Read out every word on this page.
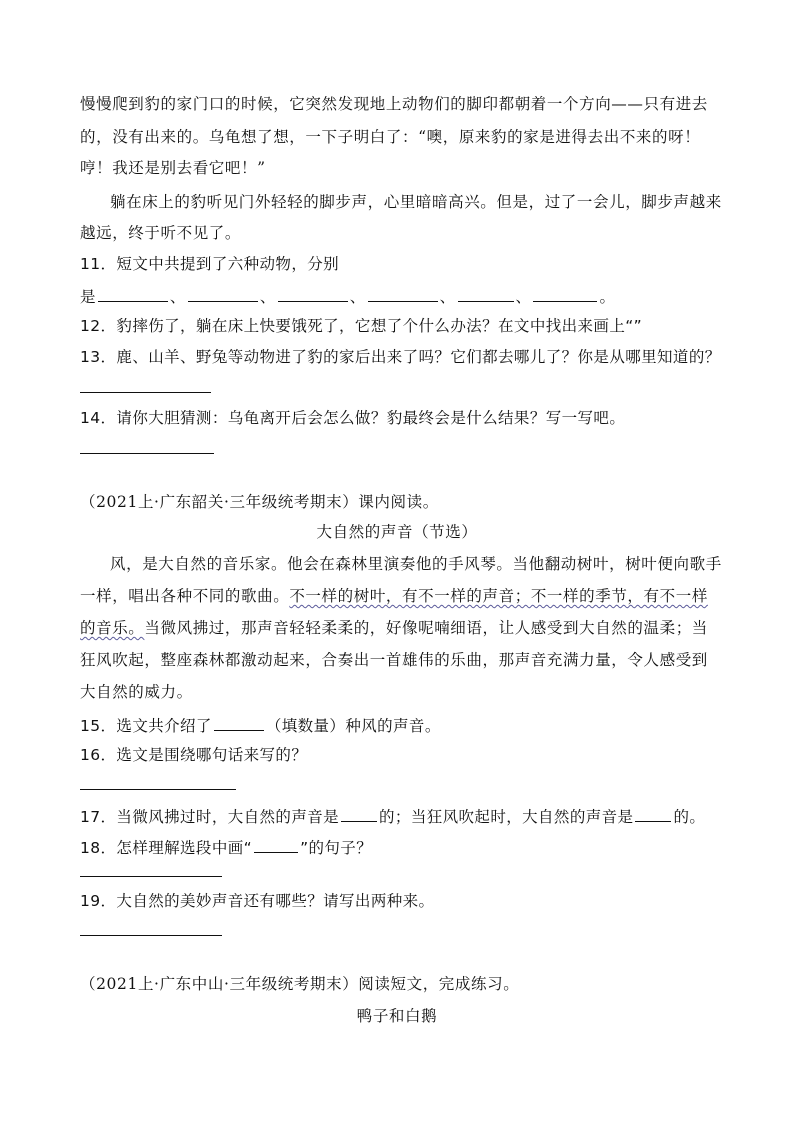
慢慢爬到豹的家门口的时候，它突然发现地上动物们的脚印都朝着一个方向——只有进去
的，没有出来的。乌龟想了想，一下子明白了：“噢，原来豹的家是进得去出不来的呀！
哼！我还是别去看它吧！”
躺在床上的豹听见门外轻轻的脚步声，心里暗暗高兴。但是，过了一会儿，脚步声越来
越远，终于听不见了。
11．短文中共提到了六种动物，分别
是	、	、	、	、	、	。
12．豹摔伤了，躺在床上快要饿死了，它想了个什么办法？在文中找出来画上“”
13．鹿、山羊、野兔等动物进了豹的家后出来了吗？它们都去哪儿了？你是从哪里知道的？
14．请你大胆猜测：乌龟离开后会怎么做？豹最终会是什么结果？写一写吧。
（2021上·广东韶关·三年级统考期末）课内阅读。
大自然的声音（节选）
风，是大自然的音乐家。他会在森林里演奏他的手风琴。当他翻动树叶，树叶便向歌手
一样，唱出各种不同的歌曲。不一样的树叶，有不一样的声音；不一样的季节，有不一样
的音乐。当微风拂过，那声音轻轻柔柔的，好像呢喃细语，让人感受到大自然的温柔；当
狂风吹起，整座森林都激动起来，合奏出一首雄伟的乐曲，那声音充满力量，令人感受到
大自然的威力。
15．选文共介绍了	（填数量）种风的声音。
16．选文是围绕哪句话来写的？
17．当微风拂过时，大自然的声音是	的；当狂风吹起时，大自然的声音是	的。
18．怎样理解选段中画“	”的句子？
19．大自然的美妙声音还有哪些？请写出两种来。
（2021上·广东中山·三年级统考期末）阅读短文，完成练习。
鸭子和白鹅
